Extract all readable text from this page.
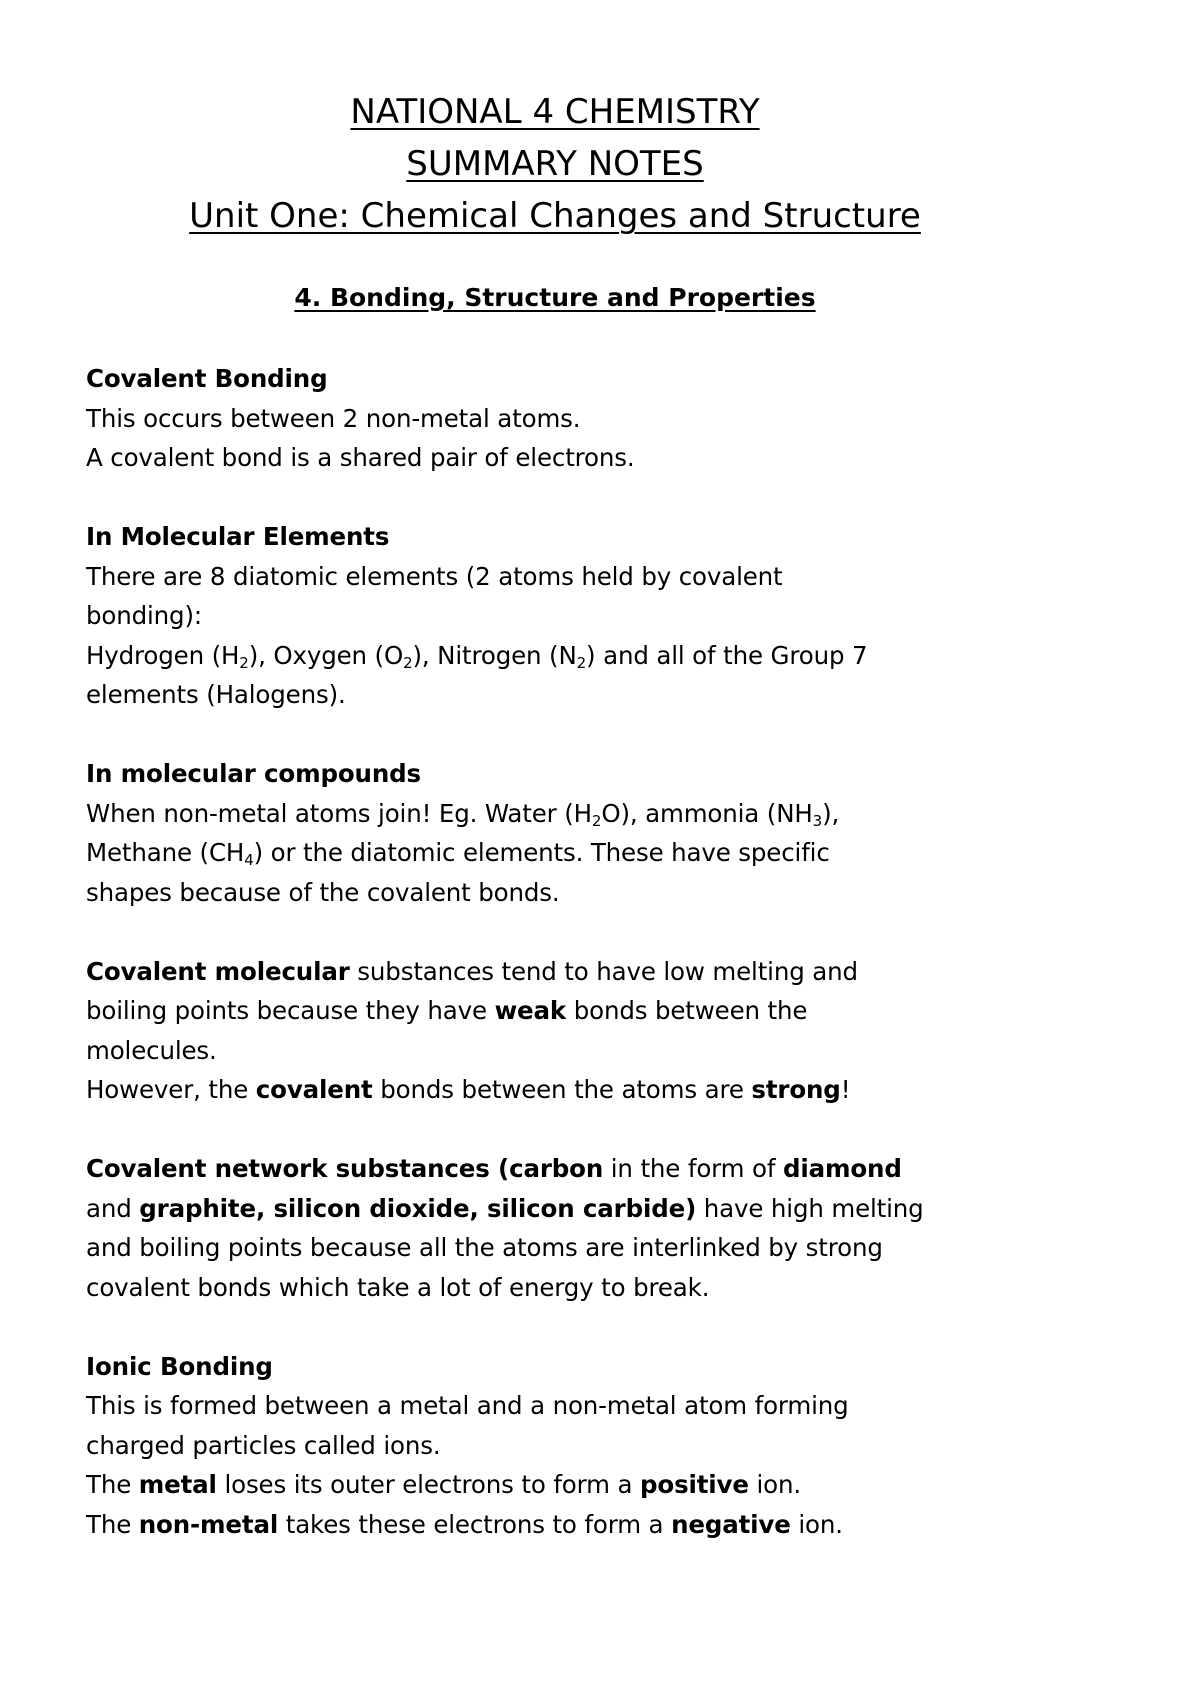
NATIONAL 4 CHEMISTRY
SUMMARY NOTES
Unit One: Chemical Changes and Structure
4. Bonding, Structure and Properties
Covalent Bonding
This occurs between 2 non-metal atoms.
A covalent bond is a shared pair of electrons.
In Molecular Elements
There are 8 diatomic elements (2 atoms held by covalent
bonding):
Hydrogen $(H_2)$, Oxygen $(O_2)$, Nitrogen $(N_2)$ and all of the Group 7
elements (Halogens).
In molecular compounds
When non-metal atoms join! Eg. Water $(H_2O)$, ammonia $(NH_3)$,
Methane $(CH_4)$ or the diatomic elements. These have specific
shapes because of the covalent bonds.
Covalent molecular substances tend to have low melting and
boiling points because they have weak bonds between the
molecules.
However, the covalent bonds between the atoms are strong!
Covalent network substances (carbon in the form of diamond
and graphite, silicon dioxide, silicon carbide) have high melting
and boiling points because all the atoms are interlinked by strong
covalent bonds which take a lot of energy to break.
Ionic Bonding
This is formed between a metal and a non-metal atom forming
charged particles called ions.
The metal loses its outer electrons to form a positive ion.
The non-metal takes these electrons to form a negative ion.
